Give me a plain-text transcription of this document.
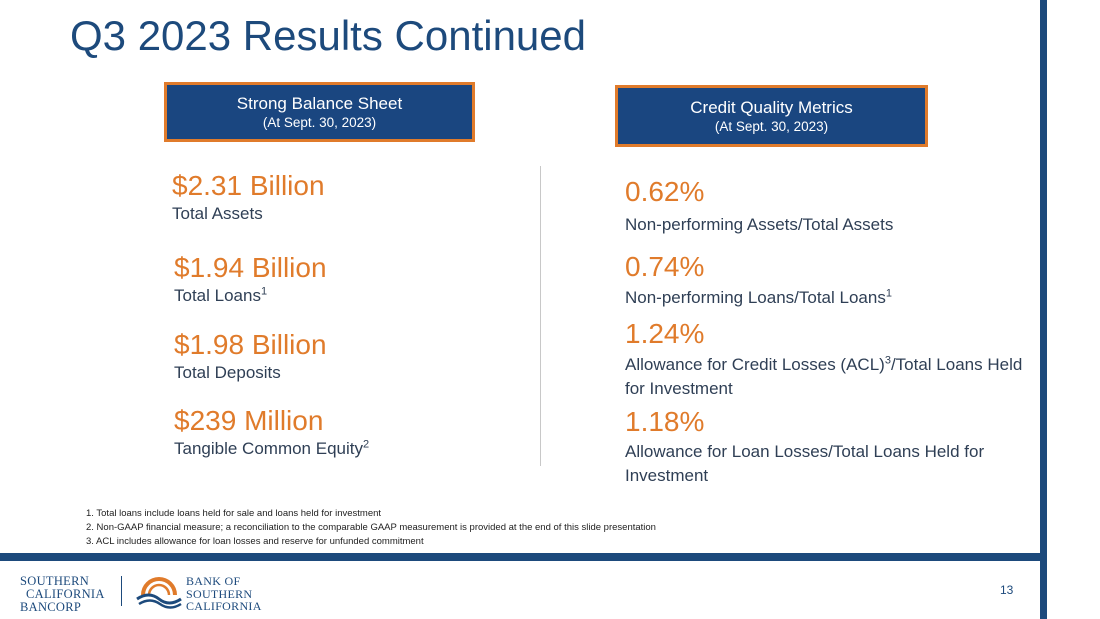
Q3 2023 Results Continued
Strong Balance Sheet
(At Sept. 30, 2023)
Credit Quality Metrics
(At Sept. 30, 2023)
$2.31 Billion
Total Assets
$1.94 Billion
Total Loans$^1$
$1.98 Billion
Total Deposits
$239 Million
Tangible Common Equity$^2$
0.62%
Non-performing Assets/Total Assets
0.74%
Non-performing Loans/Total Loans$^1$
1.24%
Allowance for Credit Losses (ACL)$^3$/Total Loans Held for Investment
1.18%
Allowance for Loan Losses/Total Loans Held for Investment
1. Total loans include loans held for sale and loans held for investment
2. Non-GAAP financial measure; a reconciliation to the comparable GAAP measurement is provided at the end of this slide presentation
3. ACL includes allowance for loan losses and reserve for unfunded commitment
SOUTHERN
CALIFORNIA
BANCORP
BANK OF
SOUTHERN
CALIFORNIA
13
